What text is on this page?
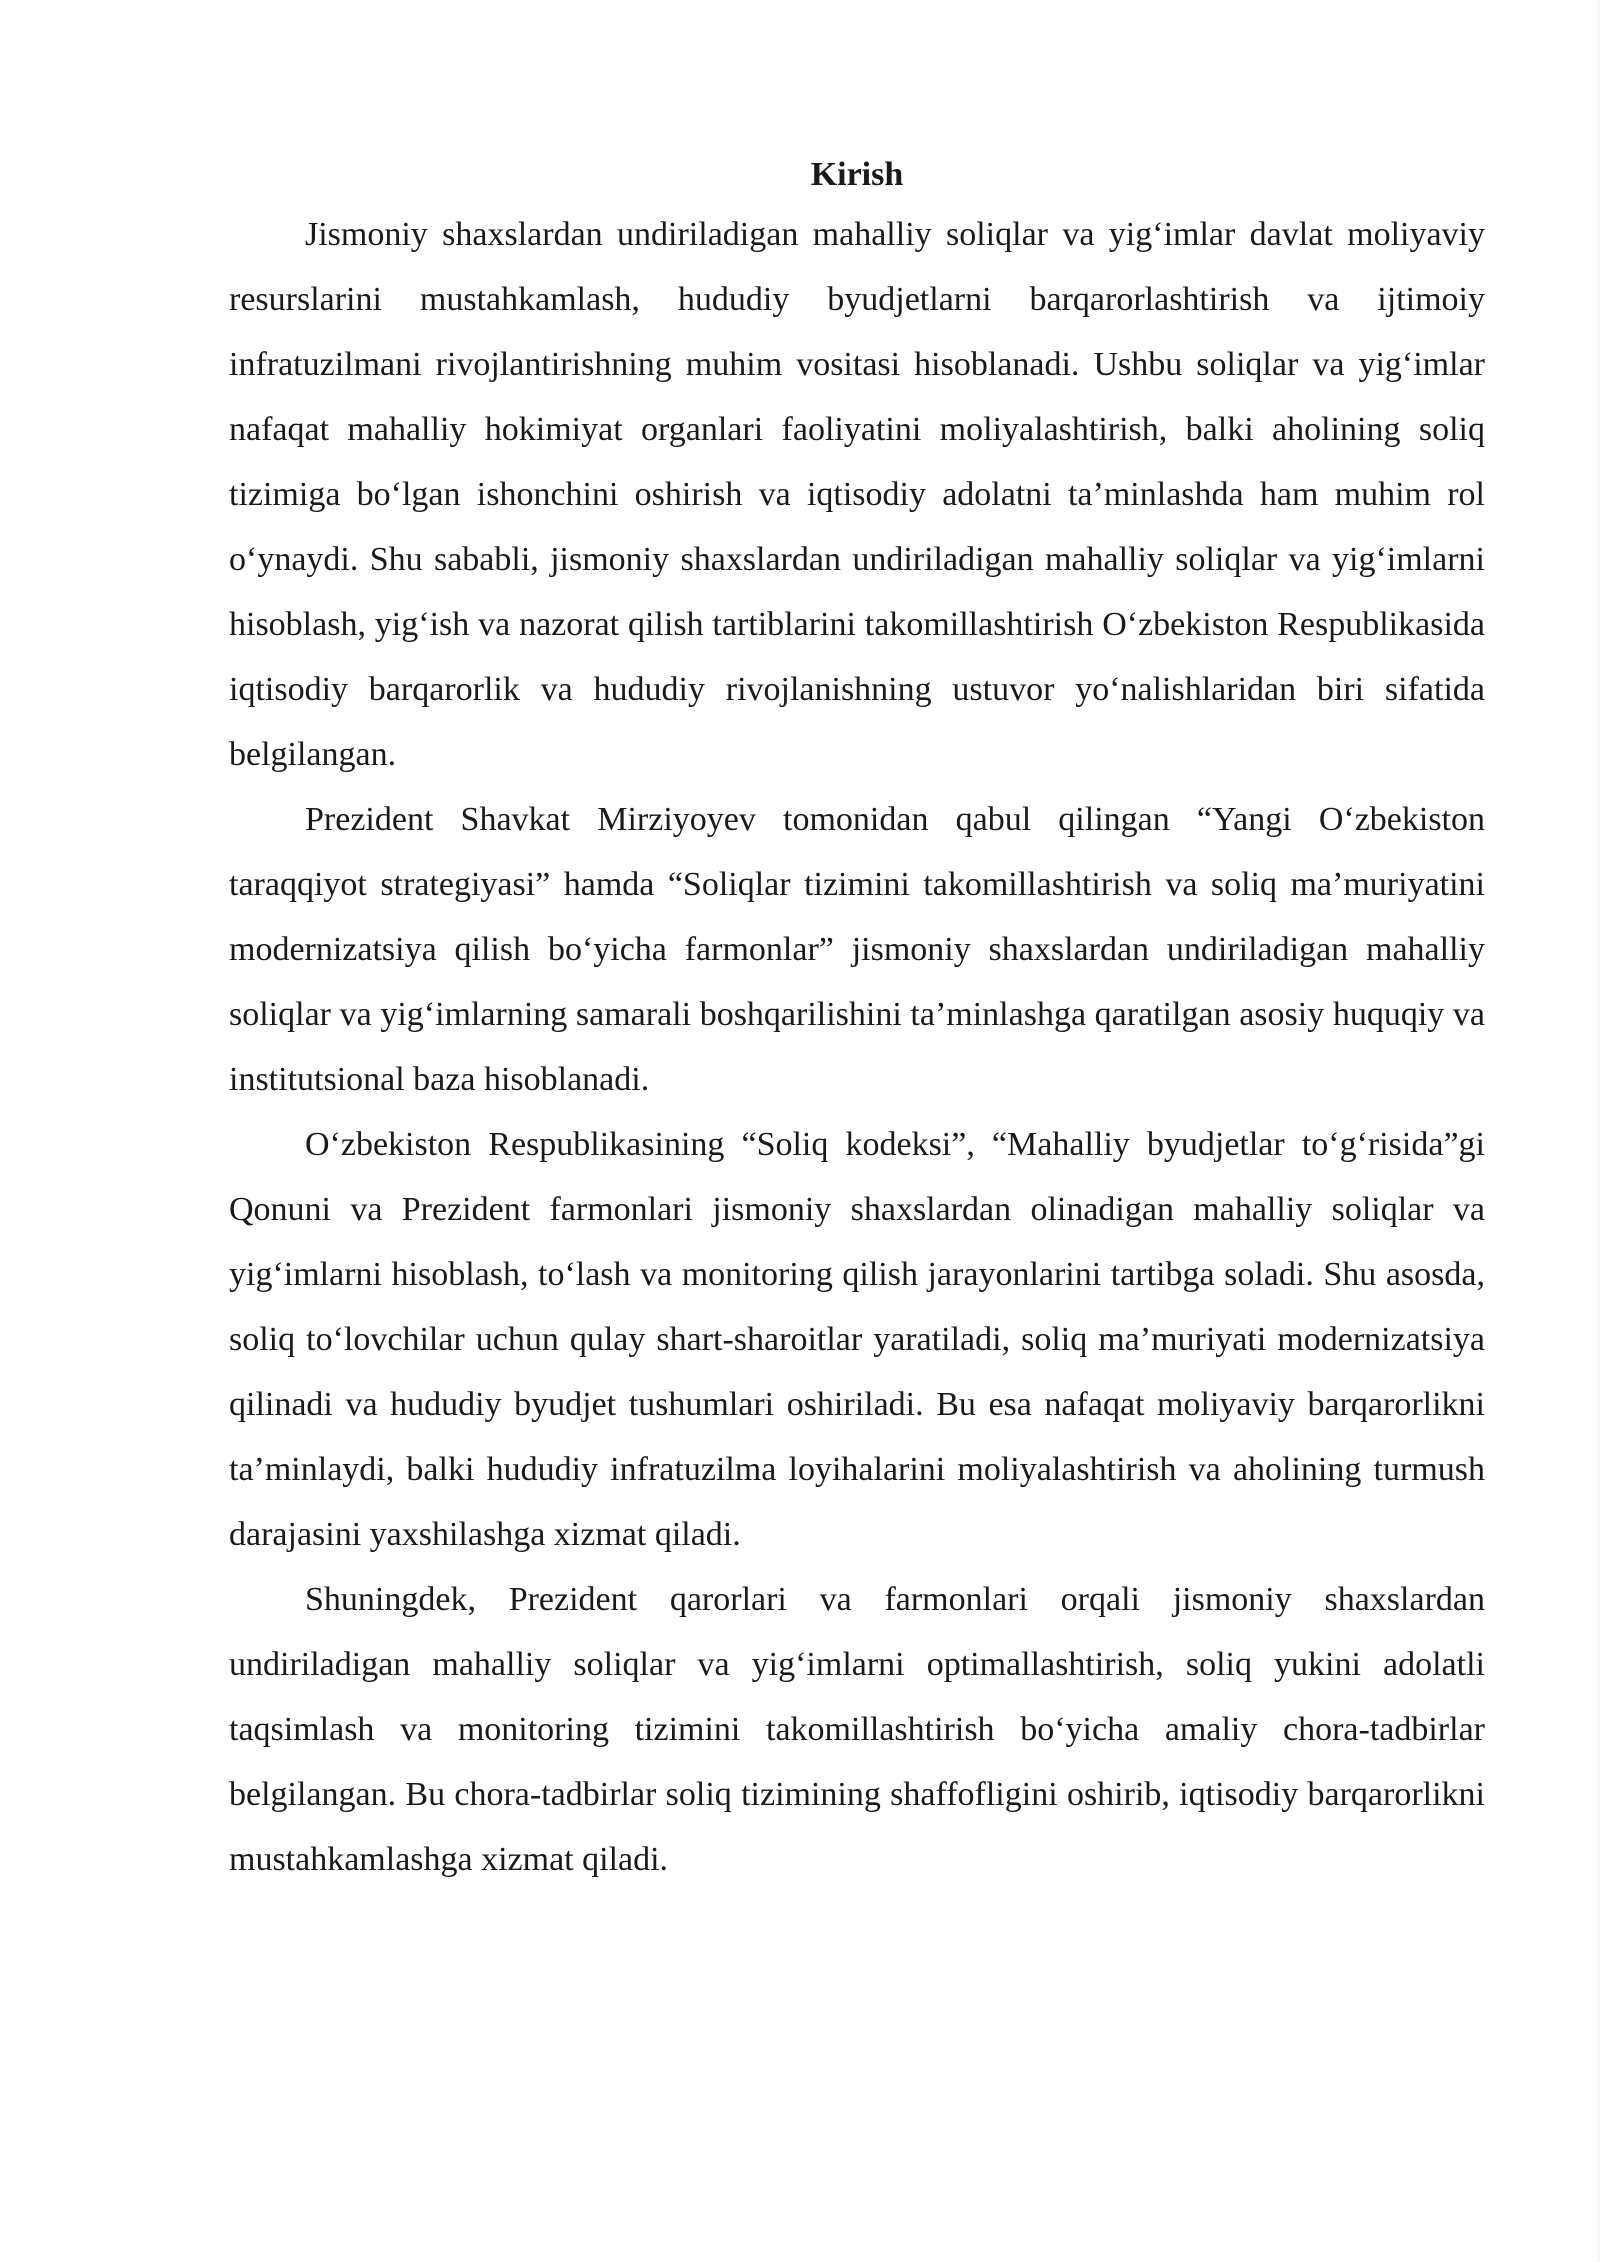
Kirish

Jismoniy shaxslardan undiriladigan mahalliy soliqlar va yig‘imlar davlat moliyaviy resurslarini mustahkamlash, hududiy byudjetlarni barqarorlashtirish va ijtimoiy infratuzilmani rivojlantirishning muhim vositasi hisoblanadi. Ushbu soliqlar va yig‘imlar nafaqat mahalliy hokimiyat organlari faoliyatini moliyalashtirish, balki aholining soliq tizimiga bo‘lgan ishonchini oshirish va iqtisodiy adolatni ta’minlashda ham muhim rol o‘ynaydi. Shu sababli, jismoniy shaxslardan undiriladigan mahalliy soliqlar va yig‘imlarni hisoblash, yig‘ish va nazorat qilish tartiblarini takomillashtirish O‘zbekiston Respublikasida iqtisodiy barqarorlik va hududiy rivojlanishning ustuvor yo‘nalishlaridan biri sifatida belgilangan.

Prezident Shavkat Mirziyoyev tomonidan qabul qilingan “Yangi O‘zbekiston taraqqiyot strategiyasi” hamda “Soliqlar tizimini takomillashtirish va soliq ma’muriyatini modernizatsiya qilish bo‘yicha farmonlar” jismoniy shaxslardan undiriladigan mahalliy soliqlar va yig‘imlarning samarali boshqarilishini ta’minlashga qaratilgan asosiy huquqiy va institutsional baza hisoblanadi.

O‘zbekiston Respublikasining “Soliq kodeksi”, “Mahalliy byudjetlar to‘g‘risida”gi Qonuni va Prezident farmonlari jismoniy shaxslardan olinadigan mahalliy soliqlar va yig‘imlarni hisoblash, to‘lash va monitoring qilish jarayonlarini tartibga soladi. Shu asosda, soliq to‘lovchilar uchun qulay shart-sharoitlar yaratiladi, soliq ma’muriyati modernizatsiya qilinadi va hududiy byudjet tushumlari oshiriladi. Bu esa nafaqat moliyaviy barqarorlikni ta’minlaydi, balki hududiy infratuzilma loyihalarini moliyalashtirish va aholining turmush darajasini yaxshilashga xizmat qiladi.

Shuningdek, Prezident qarorlari va farmonlari orqali jismoniy shaxslardan undiriladigan mahalliy soliqlar va yig‘imlarni optimallashtirish, soliq yukini adolatli taqsimlash va monitoring tizimini takomillashtirish bo‘yicha amaliy chora-tadbirlar belgilangan. Bu chora-tadbirlar soliq tizimining shaffofligini oshirib, iqtisodiy barqarorlikni mustahkamlashga xizmat qiladi.
